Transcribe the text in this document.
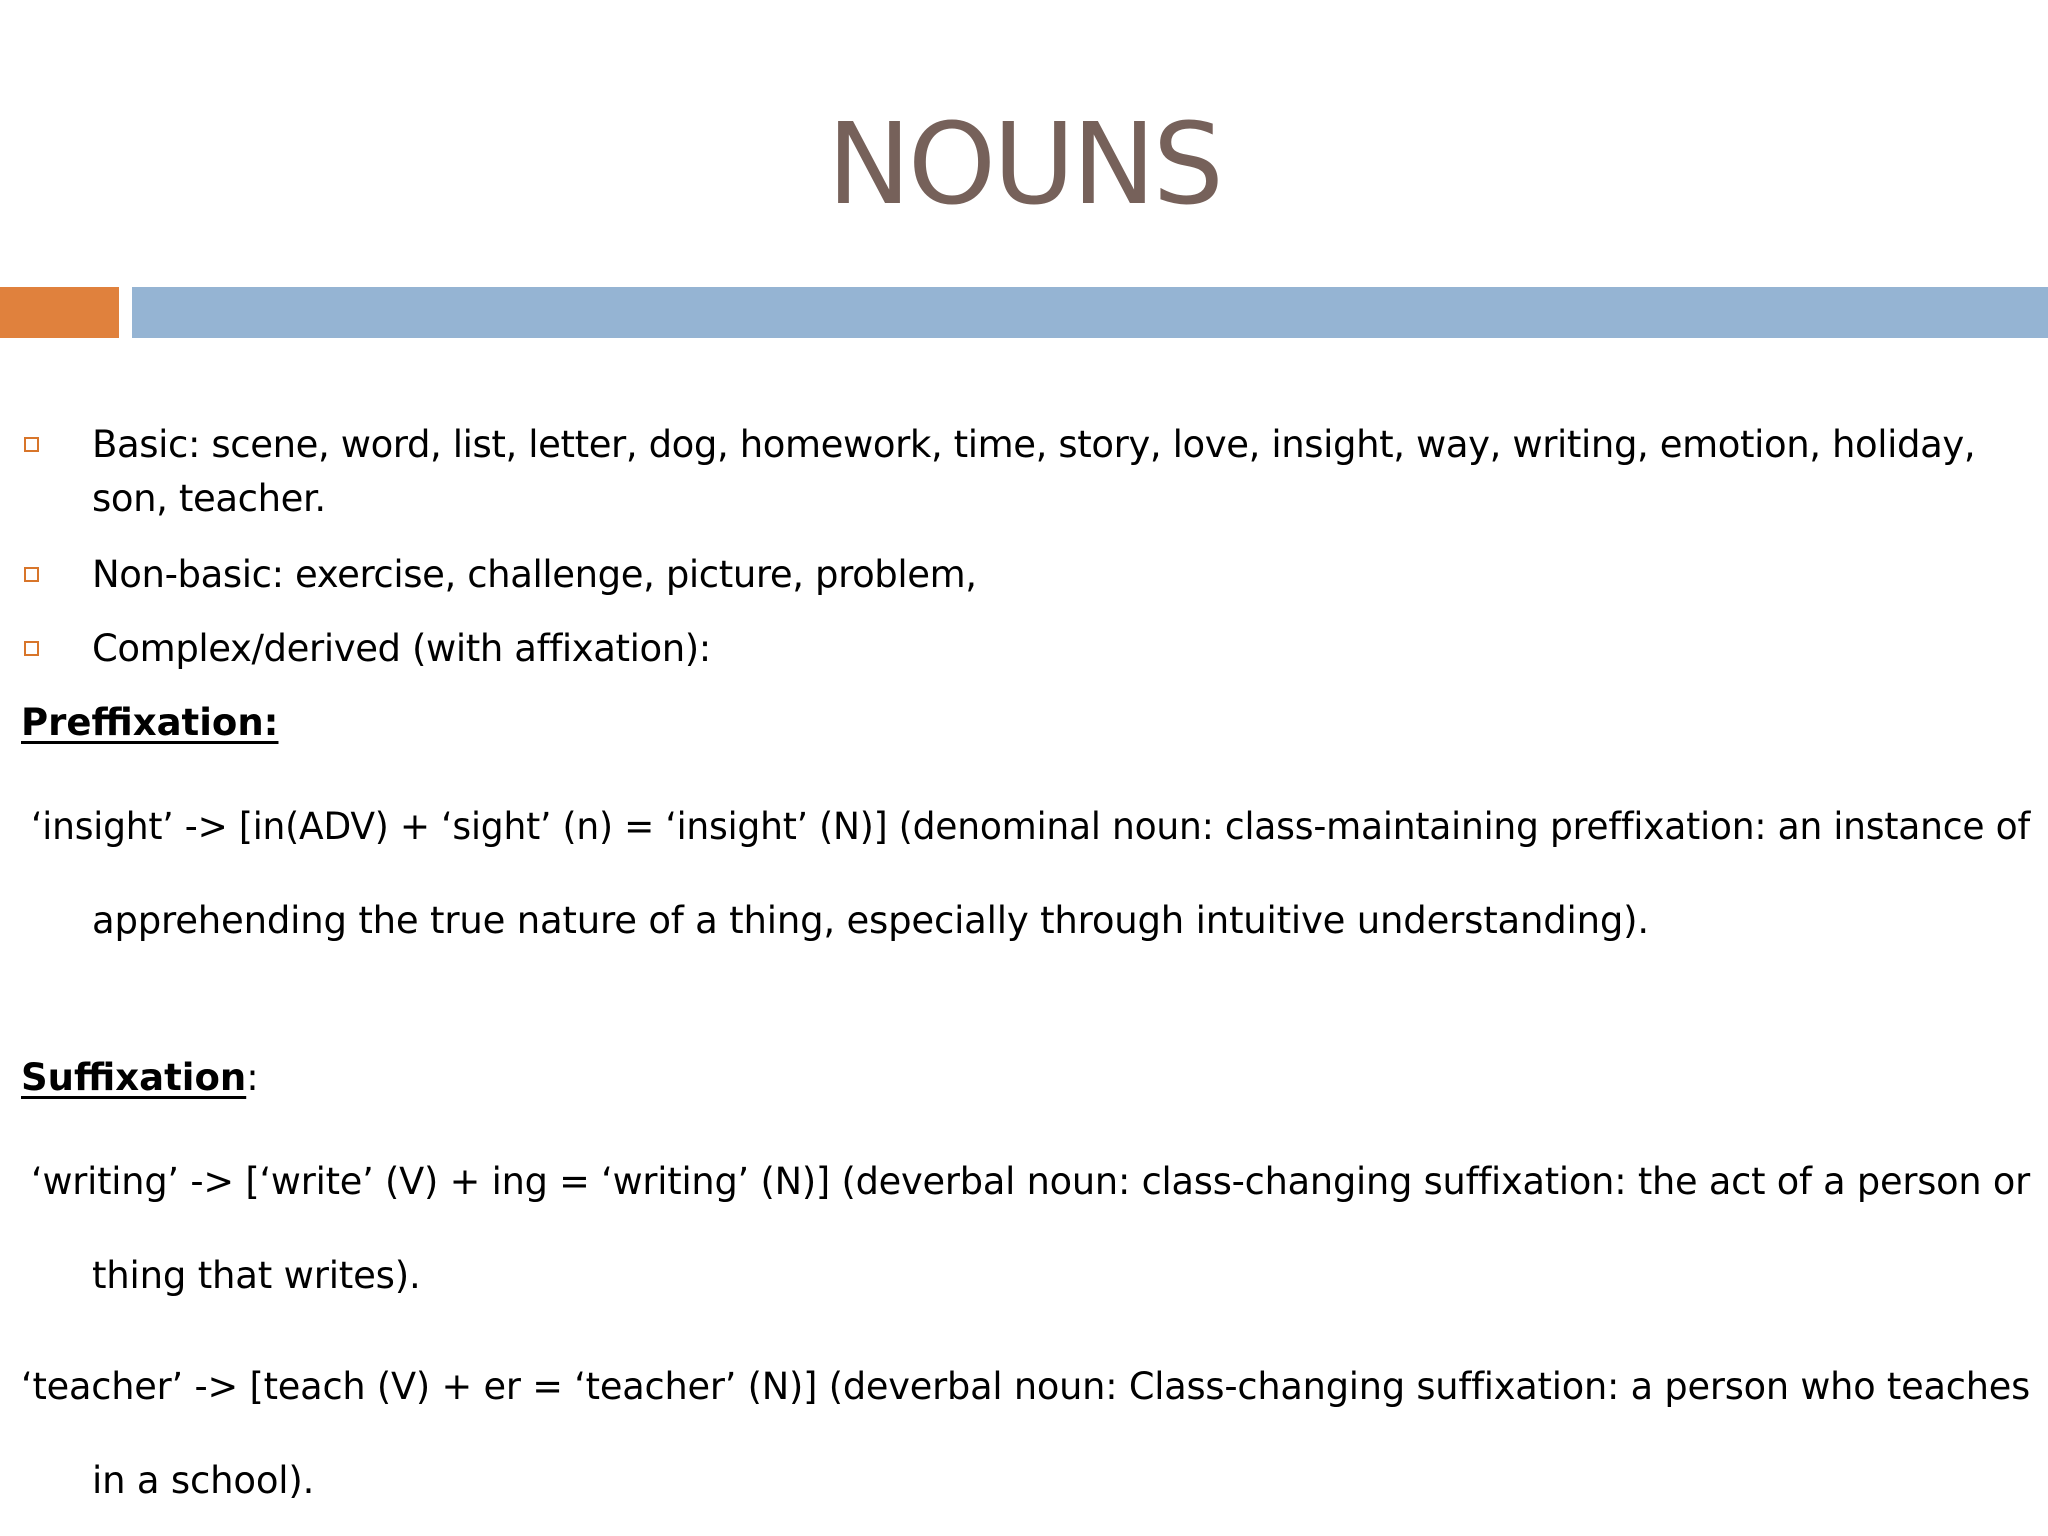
NOUNS
Basic: scene, word, list, letter, dog, homework, time, story, love, insight, way, writing, emotion, holiday, son, teacher.
Non-basic: exercise, challenge, picture, problem,
Complex/derived (with affixation):
Preffixation:
‘insight’ -> [in(ADV) + ‘sight’ (n) = ‘insight’ (N)] (denominal noun: class-maintaining preffixation: an instance of
apprehending the true nature of a thing, especially through intuitive understanding).
Suffixation:
‘writing’ -> [‘write’ (V) + ing = ‘writing’ (N)] (deverbal noun: class-changing suffixation: the act of a person or
thing that writes).
‘teacher’ -> [teach (V) + er = ‘teacher’ (N)] (deverbal noun: Class-changing suffixation: a person who teaches
in a school).
